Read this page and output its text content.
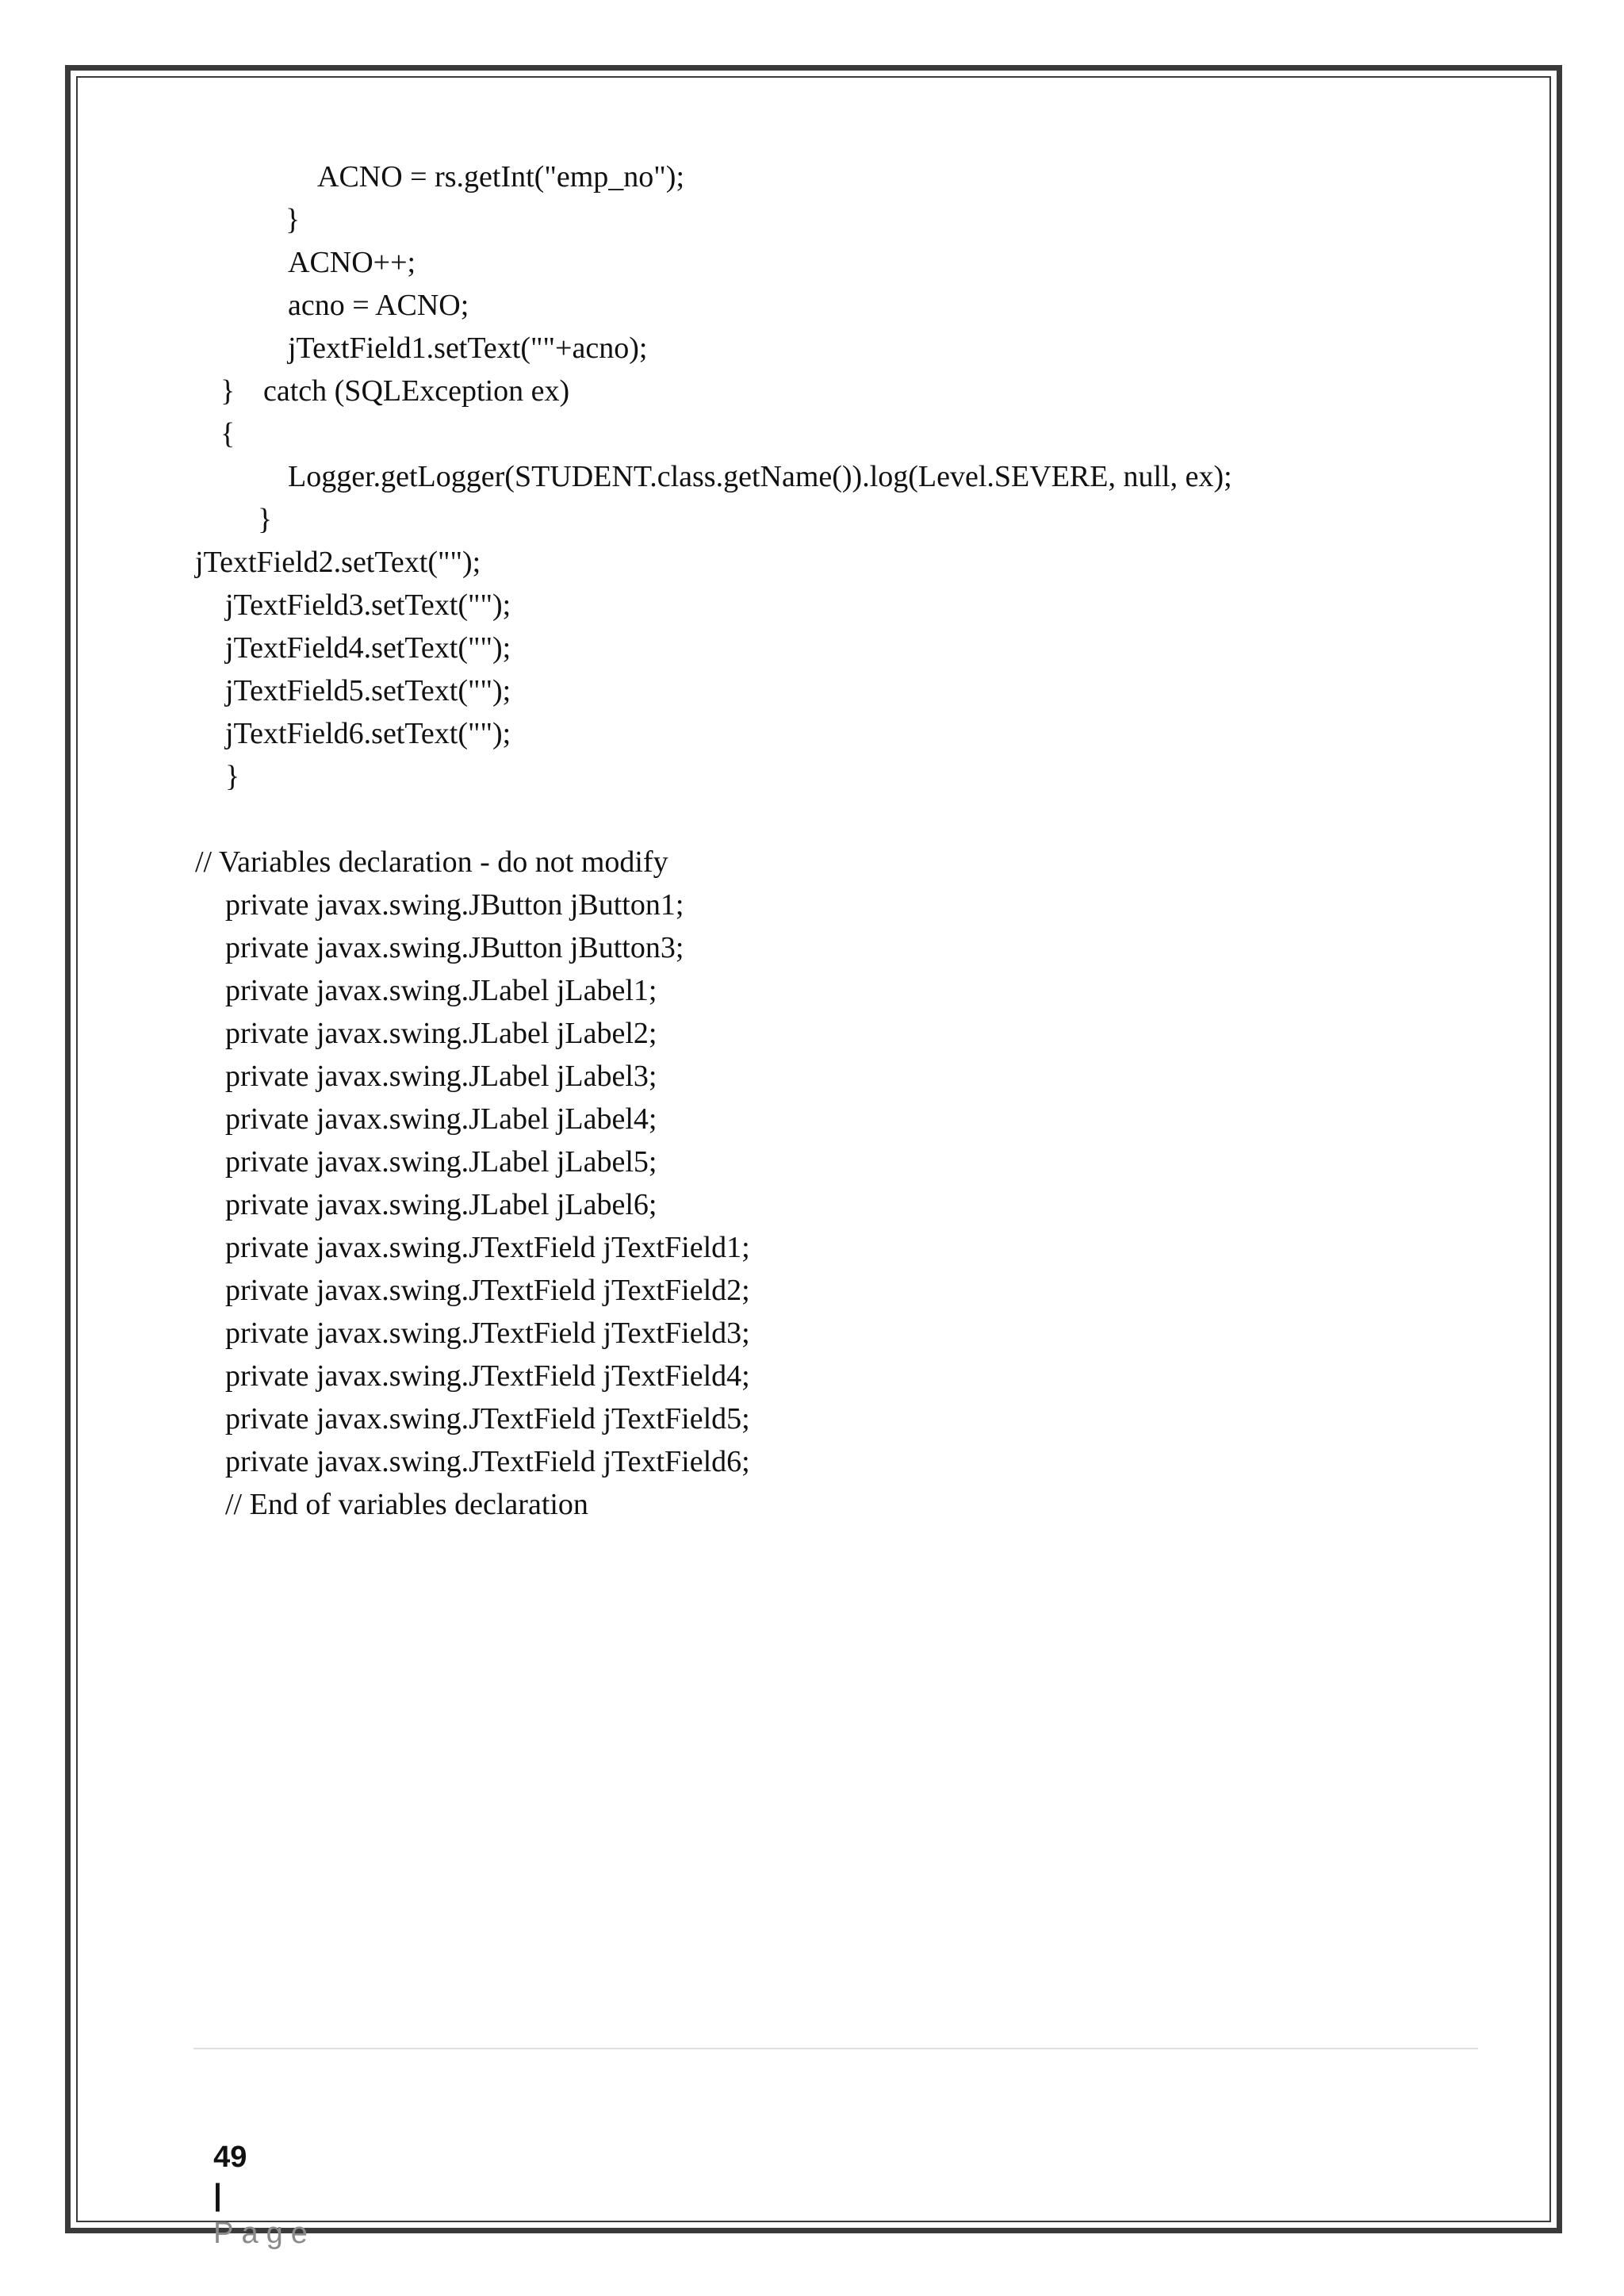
ACNO = rs.getInt("emp_no");
}
ACNO++;
acno = ACNO;
jTextField1.setText(""+acno);
} catch (SQLException ex)
{
Logger.getLogger(STUDENT.class.getName()).log(Level.SEVERE, null, ex);
}
jTextField2.setText("");
jTextField3.setText("");
jTextField4.setText("");
jTextField5.setText("");
jTextField6.setText("");
}
// Variables declaration - do not modify
private javax.swing.JButton jButton1;
private javax.swing.JButton jButton3;
private javax.swing.JLabel jLabel1;
private javax.swing.JLabel jLabel2;
private javax.swing.JLabel jLabel3;
private javax.swing.JLabel jLabel4;
private javax.swing.JLabel jLabel5;
private javax.swing.JLabel jLabel6;
private javax.swing.JTextField jTextField1;
private javax.swing.JTextField jTextField2;
private javax.swing.JTextField jTextField3;
private javax.swing.JTextField jTextField4;
private javax.swing.JTextField jTextField5;
private javax.swing.JTextField jTextField6;
// End of variables declaration

49
|
Page
